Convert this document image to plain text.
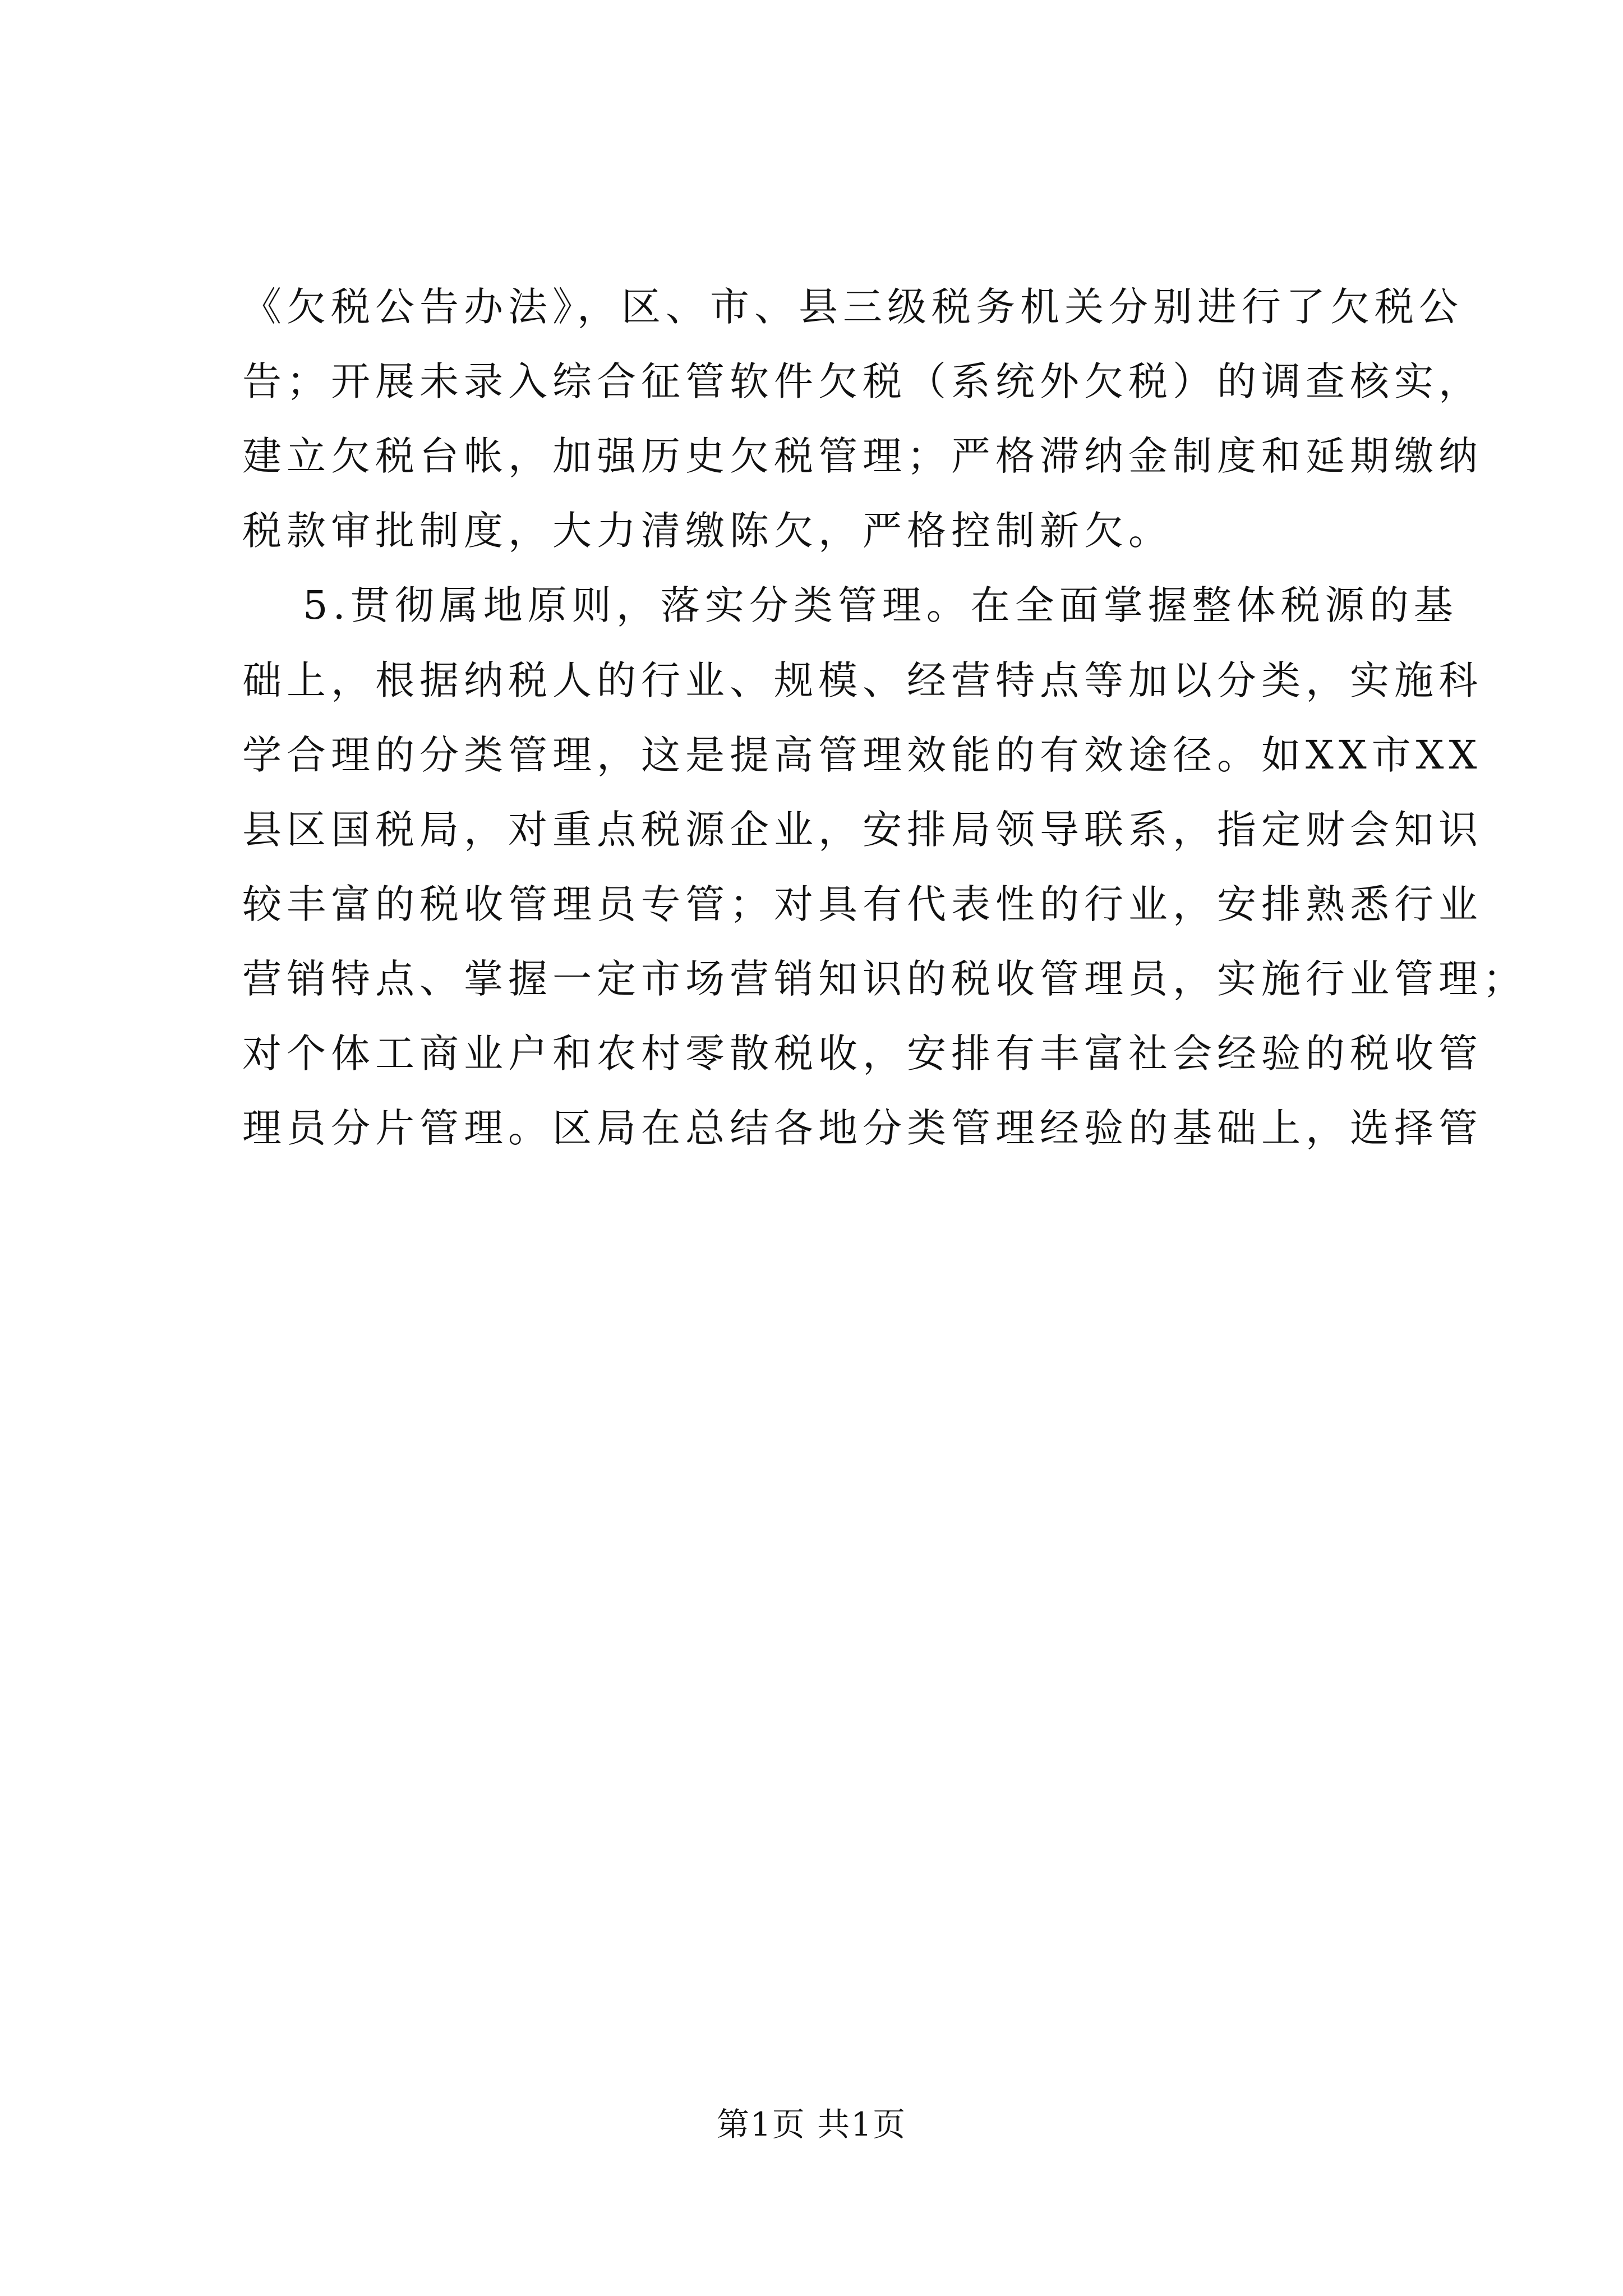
《欠税公告办法》，区、市、县三级税务机关分别进行了欠税公
告；开展未录入综合征管软件欠税（系统外欠税）的调查核实，
建立欠税台帐，加强历史欠税管理；严格滞纳金制度和延期缴纳
税款审批制度，大力清缴陈欠，严格控制新欠。
5.贯彻属地原则，落实分类管理。在全面掌握整体税源的基
础上，根据纳税人的行业、规模、经营特点等加以分类，实施科
学合理的分类管理，这是提高管理效能的有效途径。如XX市XX
县区国税局，对重点税源企业，安排局领导联系，指定财会知识
较丰富的税收管理员专管；对具有代表性的行业，安排熟悉行业
营销特点、掌握一定市场营销知识的税收管理员，实施行业管理；
对个体工商业户和农村零散税收，安排有丰富社会经验的税收管
理员分片管理。区局在总结各地分类管理经验的基础上，选择管
第1页 共1页
